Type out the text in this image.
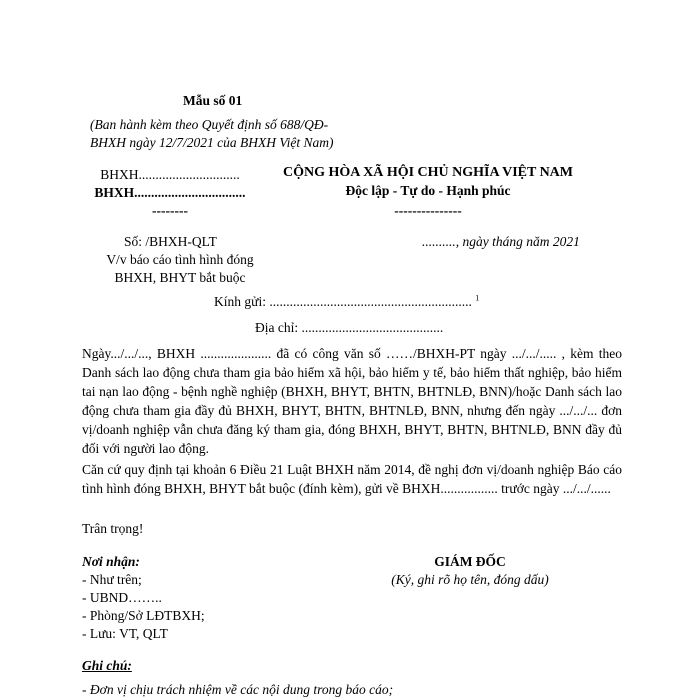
Mẫu số 01
(Ban hành kèm theo Quyết định số 688/QĐ-
BHXH ngày 12/7/2021 của BHXH Việt Nam)
BHXH..............................
BHXH.................................
--------
CỘNG HÒA XÃ HỘI CHỦ NGHĨA VIỆT NAM
Độc lập - Tự do - Hạnh phúc
---------------
Số: /BHXH-QLT	.........., ngày tháng năm 2021
V/v báo cáo tình hình đóng
BHXH, BHYT bắt buộc
Kính gửi: ............................................................ $^1$
Địa chỉ: ..........................................
Ngày.../.../..., BHXH ..................... đã có công văn số ……/BHXH-PT ngày .../.../..... , kèm theo Danh sách lao động chưa tham gia bảo hiểm xã hội, bảo hiểm y tế, bảo hiểm thất nghiệp, bảo hiểm tai nạn lao động - bệnh nghề nghiệp (BHXH, BHYT, BHTN, BHTNLĐ, BNN)/hoặc Danh sách lao động chưa tham gia đầy đủ BHXH, BHYT, BHTN, BHTNLĐ, BNN, nhưng đến ngày .../.../... đơn vị/doanh nghiệp vẫn chưa đăng ký tham gia, đóng BHXH, BHYT, BHTN, BHTNLĐ, BNN đầy đủ đối với người lao động.
Căn cứ quy định tại khoản 6 Điều 21 Luật BHXH năm 2014, đề nghị đơn vị/doanh nghiệp Báo cáo tình hình đóng BHXH, BHYT bắt buộc (đính kèm), gửi về BHXH................. trước ngày .../.../......
Trân trọng!
Nơi nhận:
- Như trên;
- UBND……..
- Phòng/Sở LĐTBXH;
- Lưu: VT, QLT
GIÁM ĐỐC
(Ký, ghi rõ họ tên, đóng dấu)
Ghi chú:
- Đơn vị chịu trách nhiệm về các nội dung trong báo cáo;
